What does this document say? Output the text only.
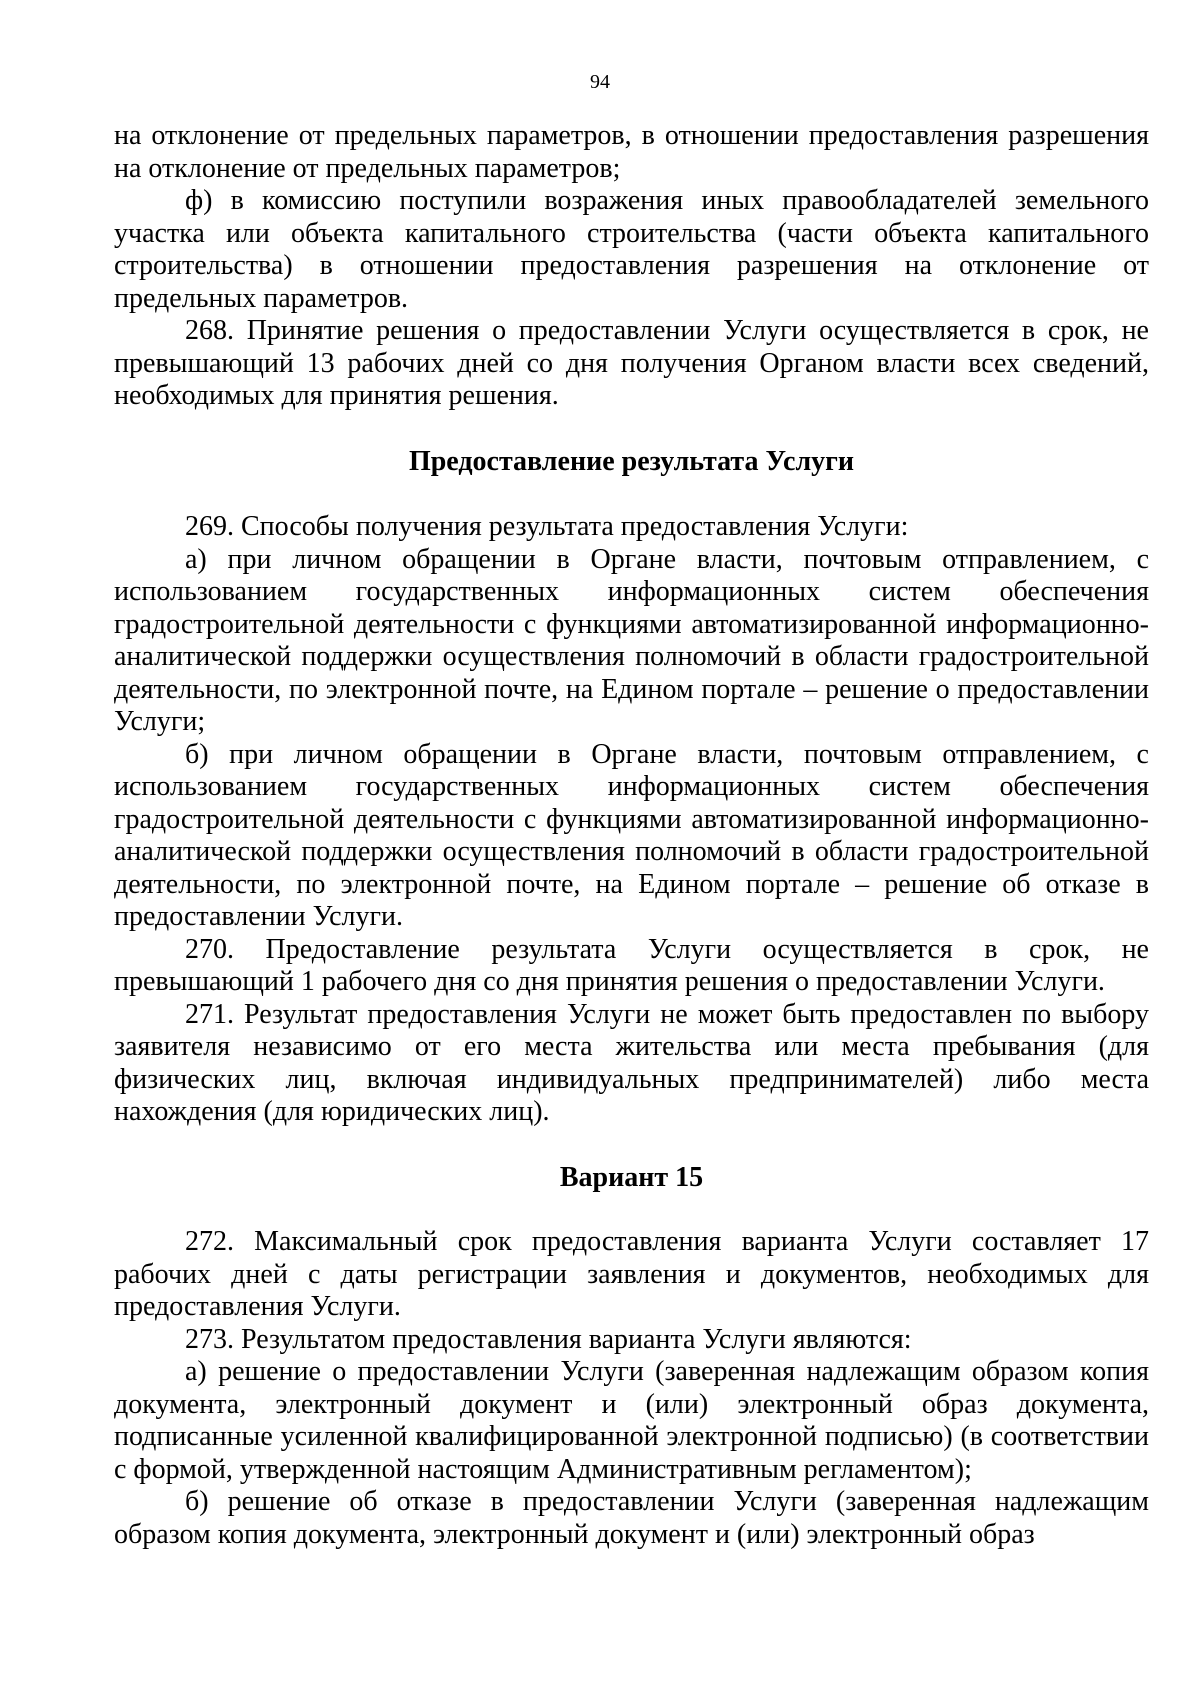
94

на отклонение от предельных параметров, в отношении предоставления разрешения на отклонение от предельных параметров;

ф) в комиссию поступили возражения иных правообладателей земельного участка или объекта капитального строительства (части объекта капитального строительства) в отношении предоставления разрешения на отклонение от предельных параметров.

268. Принятие решения о предоставлении Услуги осуществляется в срок, не превышающий 13 рабочих дней со дня получения Органом власти всех сведений, необходимых для принятия решения.

Предоставление результата Услуги

269. Способы получения результата предоставления Услуги:

а) при личном обращении в Органе власти, почтовым отправлением, с использованием государственных информационных систем обеспечения градостроительной деятельности с функциями автоматизированной информационно-аналитической поддержки осуществления полномочий в области градостроительной деятельности, по электронной почте, на Едином портале – решение о предоставлении Услуги;

б) при личном обращении в Органе власти, почтовым отправлением, с использованием государственных информационных систем обеспечения градостроительной деятельности с функциями автоматизированной информационно-аналитической поддержки осуществления полномочий в области градостроительной деятельности, по электронной почте, на Едином портале – решение об отказе в предоставлении Услуги.

270. Предоставление результата Услуги осуществляется в срок, не превышающий 1 рабочего дня со дня принятия решения о предоставлении Услуги.

271. Результат предоставления Услуги не может быть предоставлен по выбору заявителя независимо от его места жительства или места пребывания (для физических лиц, включая индивидуальных предпринимателей) либо места нахождения (для юридических лиц).

Вариант 15

272. Максимальный срок предоставления варианта Услуги составляет 17 рабочих дней с даты регистрации заявления и документов, необходимых для предоставления Услуги.

273. Результатом предоставления варианта Услуги являются:

а) решение о предоставлении Услуги (заверенная надлежащим образом копия документа, электронный документ и (или) электронный образ документа, подписанные усиленной квалифицированной электронной подписью) (в соответствии с формой, утвержденной настоящим Административным регламентом);

б) решение об отказе в предоставлении Услуги (заверенная надлежащим образом копия документа, электронный документ и (или) электронный образ
